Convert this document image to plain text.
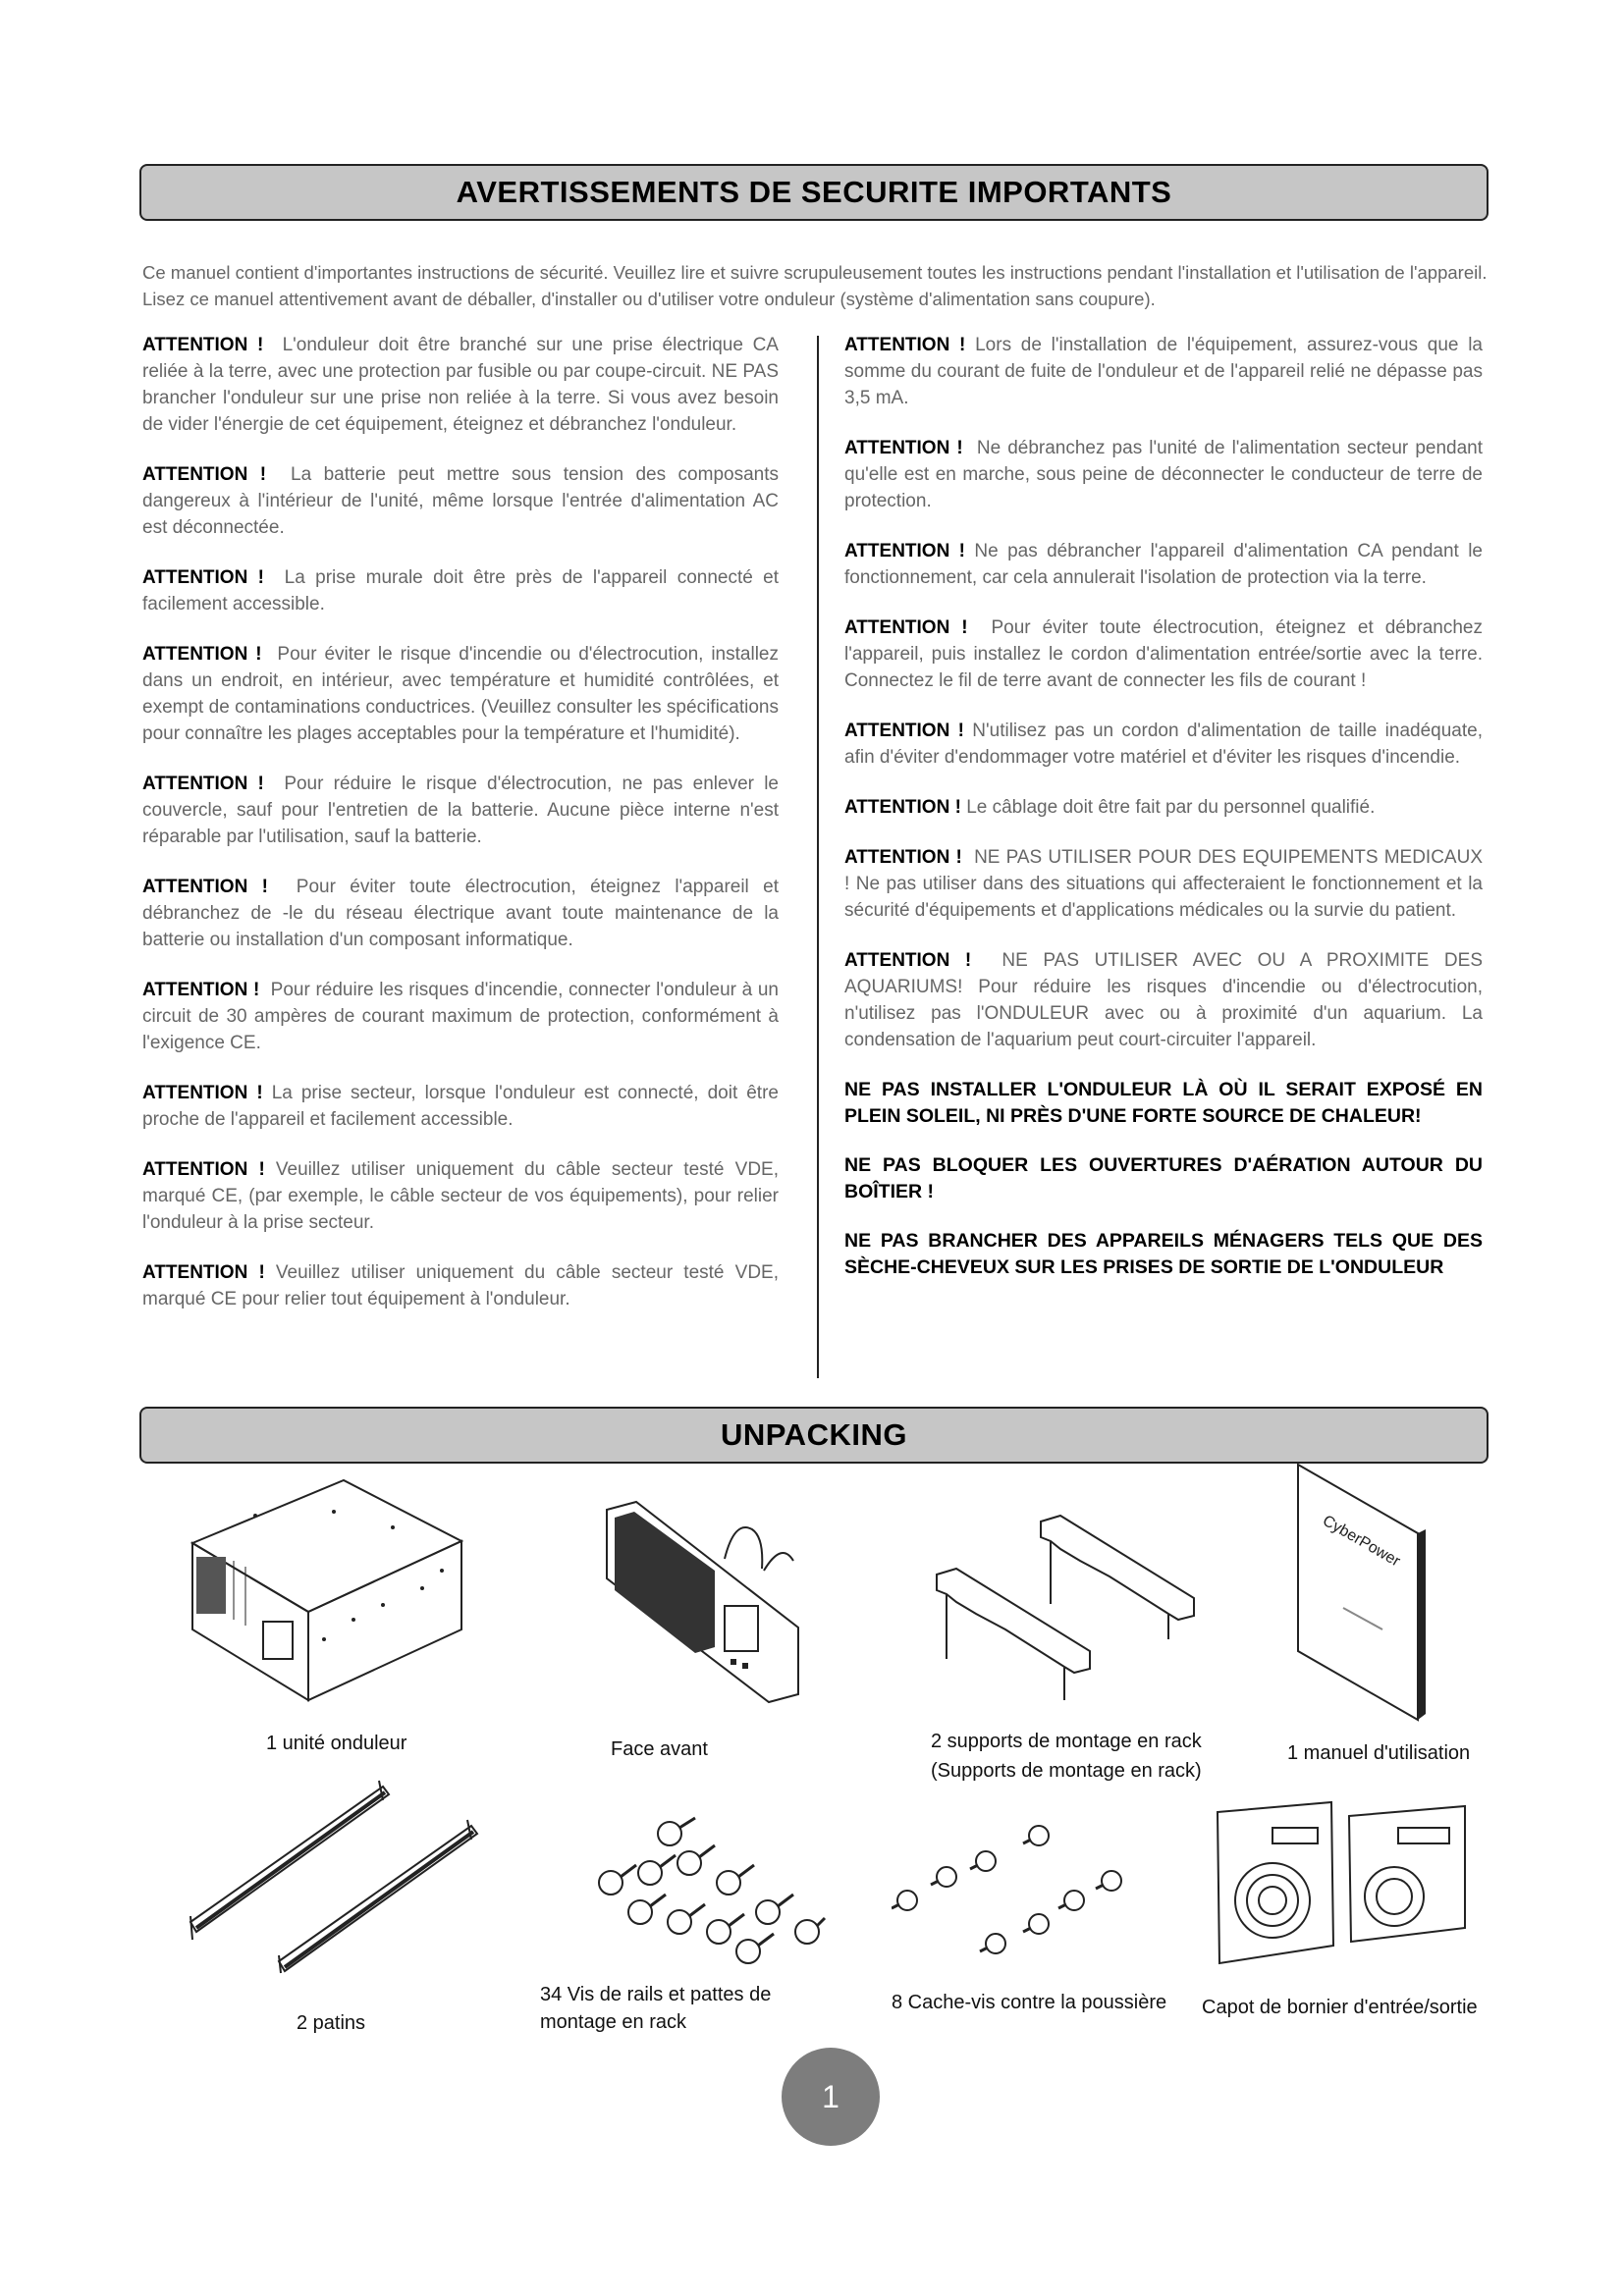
AVERTISSEMENTS DE SECURITE IMPORTANTS
Ce manuel contient d'importantes instructions de sécurité. Veuillez lire et suivre scrupuleusement toutes les instructions pendant l'installation et l'utilisation de l'appareil. Lisez ce manuel attentivement avant de déballer, d'installer ou d'utiliser votre onduleur (système d'alimentation sans coupure).

ATTENTION ! L'onduleur doit être branché sur une prise électrique CA reliée à la terre, avec une protection par fusible ou par coupe-circuit. NE PAS brancher l'onduleur sur une prise non reliée à la terre. Si vous avez besoin de vider l'énergie de cet équipement, éteignez et débranchez l'onduleur.

ATTENTION ! La batterie peut mettre sous tension des composants dangereux à l'intérieur de l'unité, même lorsque l'entrée d'alimentation AC est déconnectée.

ATTENTION ! La prise murale doit être près de l'appareil connecté et facilement accessible.

ATTENTION ! Pour éviter le risque d'incendie ou d'électrocution, installez dans un endroit, en intérieur, avec température et humidité contrôlées, et exempt de contaminations conductrices. (Veuillez consulter les spécifications pour connaître les plages acceptables pour la température et l'humidité).

ATTENTION ! Pour réduire le risque d'électrocution, ne pas enlever le couvercle, sauf pour l'entretien de la batterie. Aucune pièce interne n'est réparable par l'utilisation, sauf la batterie.

ATTENTION ! Pour éviter toute électrocution, éteignez l'appareil et débranchez de -le du réseau électrique avant toute maintenance de la batterie ou installation d'un composant informatique.

ATTENTION ! Pour réduire les risques d'incendie, connecter l'onduleur à un circuit de 30 ampères de courant maximum de protection, conformément à l'exigence CE.

ATTENTION ! La prise secteur, lorsque l'onduleur est connecté, doit être proche de l'appareil et facilement accessible.

ATTENTION ! Veuillez utiliser uniquement du câble secteur testé VDE, marqué CE, (par exemple, le câble secteur de vos équipements), pour relier l'onduleur à la prise secteur.

ATTENTION ! Veuillez utiliser uniquement du câble secteur testé VDE, marqué CE pour relier tout équipement à l'onduleur.

ATTENTION ! Lors de l'installation de l'équipement, assurez-vous que la somme du courant de fuite de l'onduleur et de l'appareil relié ne dépasse pas 3,5 mA.

ATTENTION ! Ne débranchez pas l'unité de l'alimentation secteur pendant qu'elle est en marche, sous peine de déconnecter le conducteur de terre de protection.

ATTENTION ! Ne pas débrancher l'appareil d'alimentation CA pendant le fonctionnement, car cela annulerait l'isolation de protection via la terre.

ATTENTION ! Pour éviter toute électrocution, éteignez et débranchez l'appareil, puis installez le cordon d'alimentation entrée/sortie avec la terre. Connectez le fil de terre avant de connecter les fils de courant !

ATTENTION ! N'utilisez pas un cordon d'alimentation de taille inadéquate, afin d'éviter d'endommager votre matériel et d'éviter les risques d'incendie.

ATTENTION ! Le câblage doit être fait par du personnel qualifié.

ATTENTION ! NE PAS UTILISER POUR DES EQUIPEMENTS MEDICAUX ! Ne pas utiliser dans des situations qui affecteraient le fonctionnement et la sécurité d'équipements et d'applications médicales ou la survie du patient.

ATTENTION ! NE PAS UTILISER AVEC OU A PROXIMITE DES AQUARIUMS! Pour réduire les risques d'incendie ou d'électrocution, n'utilisez pas l'ONDULEUR avec ou à proximité d'un aquarium. La condensation de l'aquarium peut court-circuiter l'appareil.

NE PAS INSTALLER L'ONDULEUR LÀ OÙ IL SERAIT EXPOSÉ EN PLEIN SOLEIL, NI PRÈS D'UNE FORTE SOURCE DE CHALEUR!

NE PAS BLOQUER LES OUVERTURES D'AÉRATION AUTOUR DU BOÎTIER !

NE PAS BRANCHER DES APPAREILS MÉNAGERS TELS QUE DES SÈCHE-CHEVEUX SUR LES PRISES DE SORTIE DE L'ONDULEUR

UNPACKING
1 unité onduleur	Face avant	2 supports de montage en rack
(Supports de montage en rack)
CyberPower
1 manuel d'utilisation
2 patins
34 Vis de rails et pattes de
montage en rack
8 Cache-vis contre la poussière Capot de bornier d'entrée/sortie
1
